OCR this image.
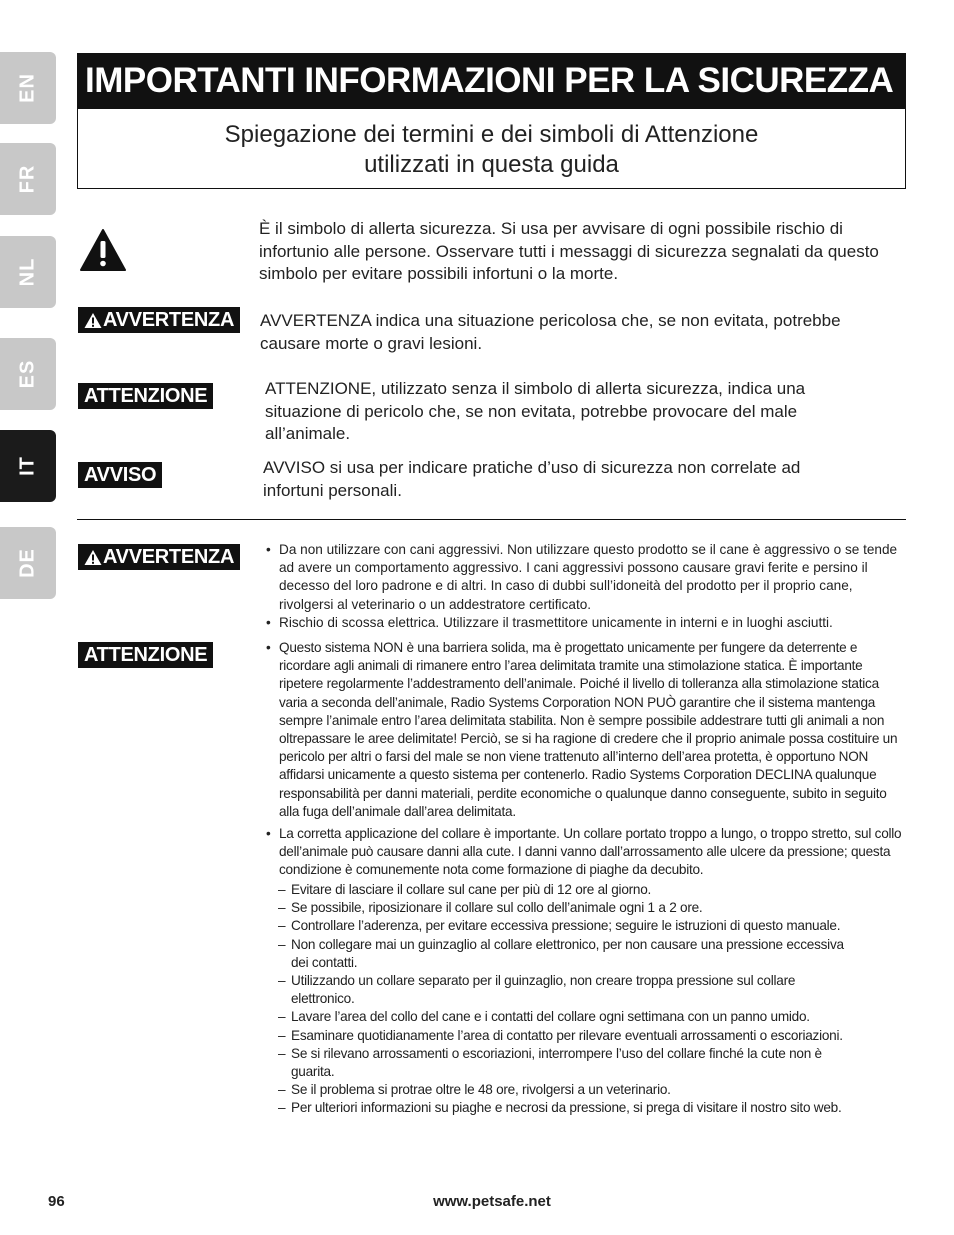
EN
FR
NL
ES
IT
DE
IMPORTANTI INFORMAZIONI PER LA SICUREZZA
Spiegazione dei termini e dei simboli di Attenzione
utilizzati in questa guida
È il simbolo di allerta sicurezza. Si usa per avvisare di ogni possibile rischio di infortunio alle persone. Osservare tutti i messaggi di sicurezza segnalati da questo simbolo per evitare possibili infortuni o la morte.
AVVERTENZA	AVVERTENZA indica una situazione pericolosa che, se non evitata, potrebbe causare morte o gravi lesioni.
ATTENZIONE	ATTENZIONE, utilizzato senza il simbolo di allerta sicurezza, indica una situazione di pericolo che, se non evitata, potrebbe provocare del male all’animale.
AVVISO	AVVISO si usa per indicare pratiche d’uso di sicurezza non correlate ad infortuni personali.
AVVERTENZA	• Da non utilizzare con cani aggressivi. Non utilizzare questo prodotto se il cane è aggressivo o se tende ad avere un comportamento aggressivo. I cani aggressivi possono causare gravi ferite e persino il decesso del loro padrone e di altri. In caso di dubbi sull’idoneità del prodotto per il proprio cane, rivolgersi al veterinario o un addestratore certificato.
• Rischio di scossa elettrica. Utilizzare il trasmettitore unicamente in interni e in luoghi asciutti.
ATTENZIONE	• Questo sistema NON è una barriera solida, ma è progettato unicamente per fungere da deterrente e ricordare agli animali di rimanere entro l’area delimitata tramite una stimolazione statica. È importante ripetere regolarmente l’addestramento dell’animale. Poiché il livello di tolleranza alla stimolazione statica varia a seconda dell’animale, Radio Systems Corporation NON PUÒ garantire che il sistema mantenga sempre l’animale entro l’area delimitata stabilita. Non è sempre possibile addestrare tutti gli animali a non oltrepassare le aree delimitate! Perciò, se si ha ragione di credere che il proprio animale possa costituire un pericolo per altri o farsi del male se non viene trattenuto all’interno dell’area protetta, è opportuno NON affidarsi unicamente a questo sistema per contenerlo. Radio Systems Corporation DECLINA qualunque responsabilità per danni materiali, perdite economiche o qualunque danno conseguente, subito in seguito alla fuga dell’animale dall’area delimitata.
• La corretta applicazione del collare è importante. Un collare portato troppo a lungo, o troppo stretto, sul collo dell’animale può causare danni alla cute. I danni vanno dall’arrossamento alle ulcere da pressione; questa condizione è comunemente nota come formazione di piaghe da decubito.
– Evitare di lasciare il collare sul cane per più di 12 ore al giorno.
– Se possibile, riposizionare il collare sul collo dell’animale ogni 1 a 2 ore.
– Controllare l’aderenza, per evitare eccessiva pressione; seguire le istruzioni di questo manuale.
– Non collegare mai un guinzaglio al collare elettronico, per non causare una pressione eccessiva dei contatti.
– Utilizzando un collare separato per il guinzaglio, non creare troppa pressione sul collare elettronico.
– Lavare l’area del collo del cane e i contatti del collare ogni settimana con un panno umido.
– Esaminare quotidianamente l’area di contatto per rilevare eventuali arrossamenti o escoriazioni.
– Se si rilevano arrossamenti o escoriazioni, interrompere l’uso del collare finché la cute non è guarita.
– Se il problema si protrae oltre le 48 ore, rivolgersi a un veterinario.
– Per ulteriori informazioni su piaghe e necrosi da pressione, si prega di visitare il nostro sito web.
96	www.petsafe.net
